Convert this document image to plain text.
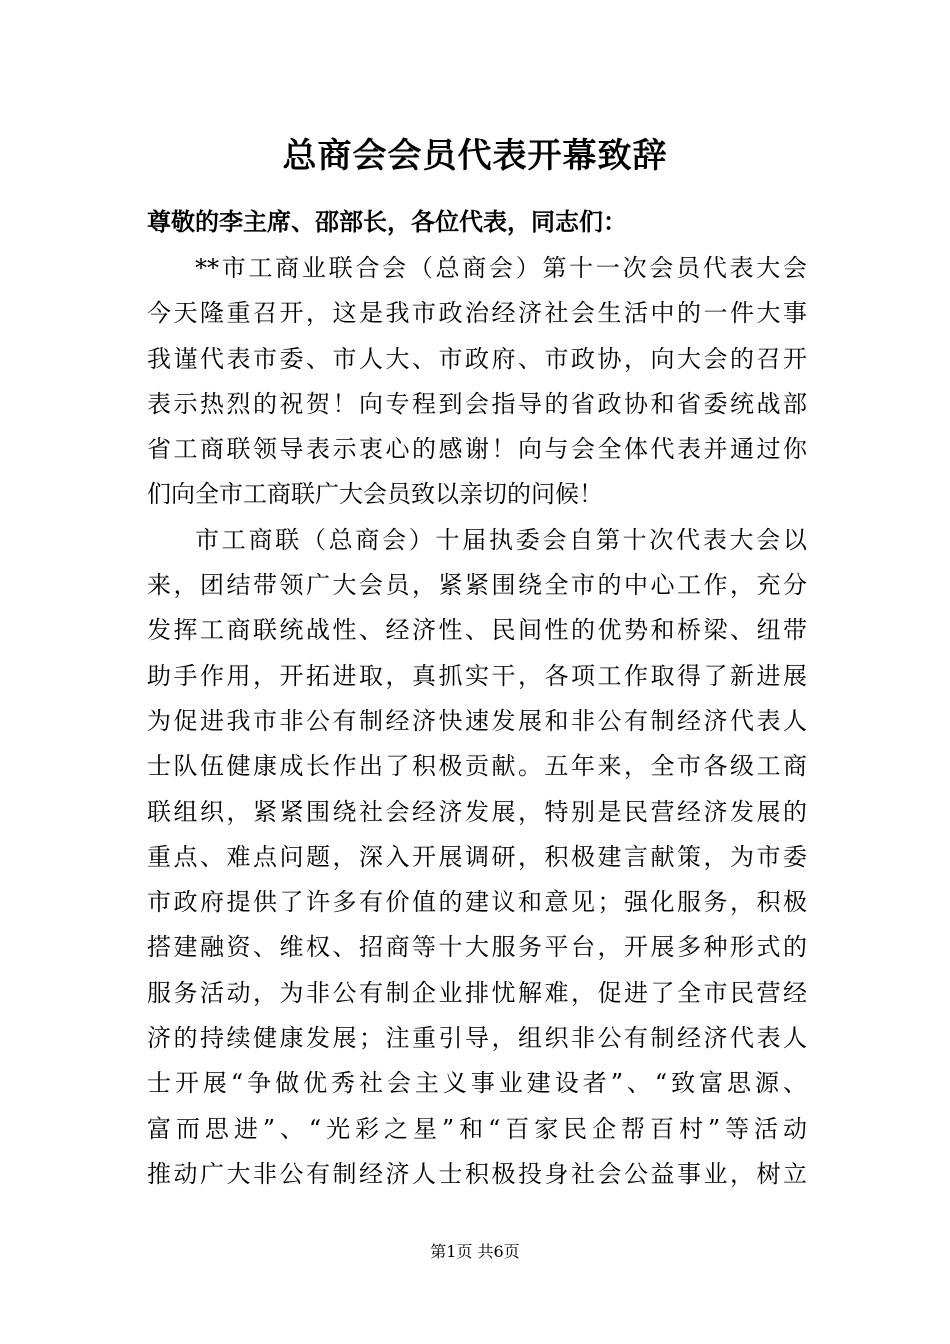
总商会会员代表开幕致辞
尊敬的李主席、邵部长，各位代表，同志们：
**市工商业联合会（总商会）第十一次会员代表大会
今天隆重召开，这是我市政治经济社会生活中的一件大事
我谨代表市委、市人大、市政府、市政协，向大会的召开
表示热烈的祝贺！向专程到会指导的省政协和省委统战部
省工商联领导表示衷心的感谢！向与会全体代表并通过你
们向全市工商联广大会员致以亲切的问候！
市工商联（总商会）十届执委会自第十次代表大会以
来，团结带领广大会员，紧紧围绕全市的中心工作，充分
发挥工商联统战性、经济性、民间性的优势和桥梁、纽带
助手作用，开拓进取，真抓实干，各项工作取得了新进展
为促进我市非公有制经济快速发展和非公有制经济代表人
士队伍健康成长作出了积极贡献。五年来，全市各级工商
联组织，紧紧围绕社会经济发展，特别是民营经济发展的
重点、难点问题，深入开展调研，积极建言献策，为市委
市政府提供了许多有价值的建议和意见；强化服务，积极
搭建融资、维权、招商等十大服务平台，开展多种形式的
服务活动，为非公有制企业排忧解难，促进了全市民营经
济的持续健康发展；注重引导，组织非公有制经济代表人
士开展“争做优秀社会主义事业建设者”、“致富思源、
富而思进”、“光彩之星”和“百家民企帮百村”等活动
推动广大非公有制经济人士积极投身社会公益事业，树立
第1页 共6页
